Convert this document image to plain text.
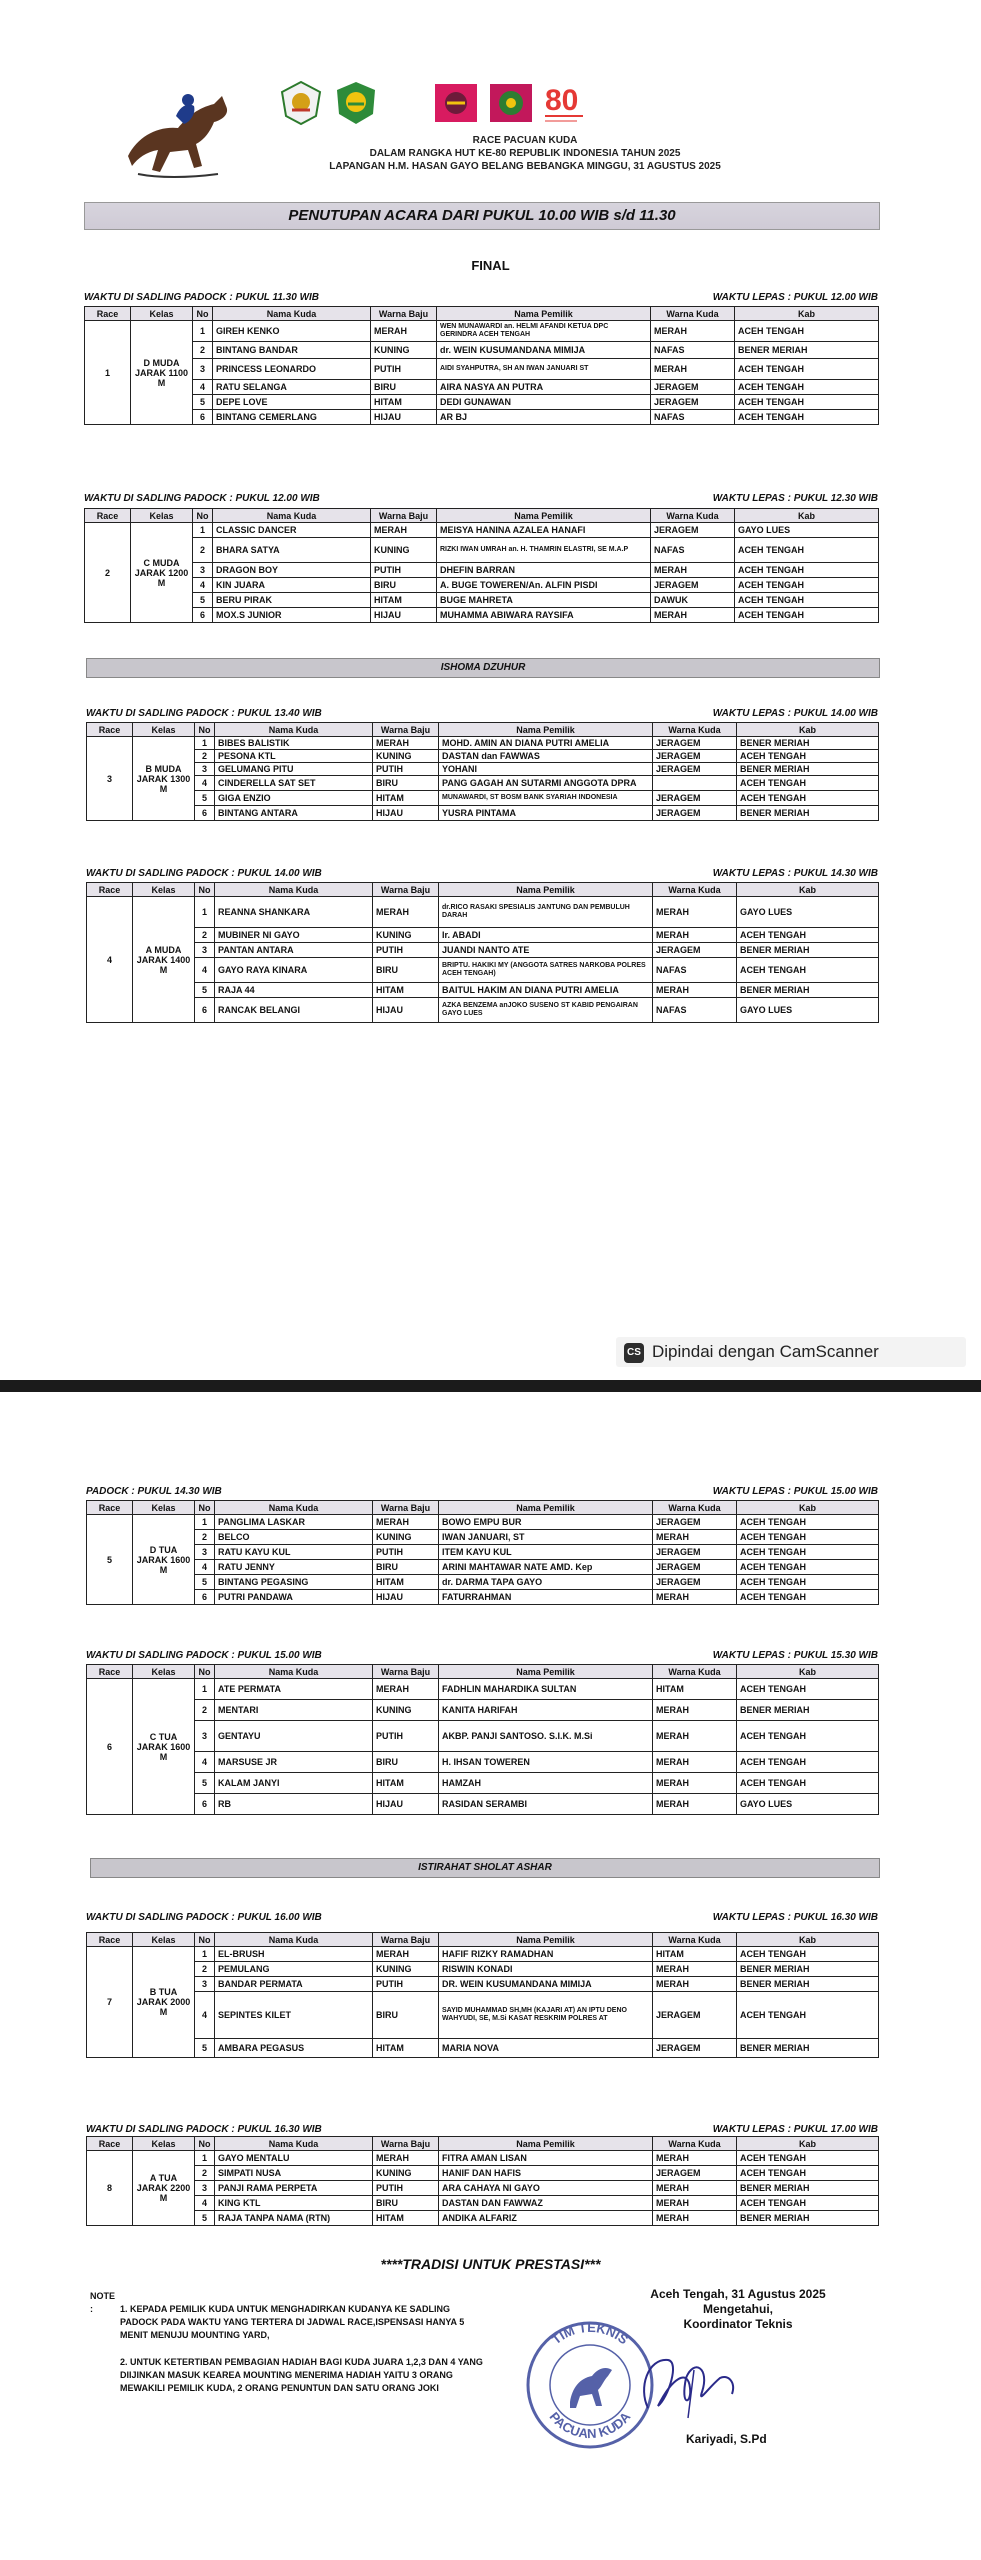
80
RACE PACUAN KUDA
DALAM RANGKA HUT KE-80 REPUBLIK INDONESIA TAHUN 2025
LAPANGAN H.M. HASAN GAYO BELANG BEBANGKA MINGGU, 31 AGUSTUS 2025
PENUTUPAN ACARA DARI PUKUL 10.00 WIB s/d 11.30
FINAL
WAKTU DI SADLING PADOCK : PUKUL 11.30 WIB	WAKTU LEPAS : PUKUL 12.00 WIB
Race	Kelas	No	Nama Kuda	Warna Baju	Nama Pemilik	Warna Kuda	Kab
1	D MUDA JARAK 1100 M	1	GIREH KENKO	MERAH	WEN MUNAWARDI an. HELMI AFANDI KETUA DPC GERINDRA ACEH TENGAH	MERAH	ACEH TENGAH
		2	BINTANG BANDAR	KUNING	dr. WEIN KUSUMANDANA MIMIJA	NAFAS	BENER MERIAH
		3	PRINCESS LEONARDO	PUTIH	AIDI SYAHPUTRA, SH AN IWAN JANUARI ST	MERAH	ACEH TENGAH
		4	RATU SELANGA	BIRU	AIRA NASYA AN PUTRA	JERAGEM	ACEH TENGAH
		5	DEPE LOVE	HITAM	DEDI GUNAWAN	JERAGEM	ACEH TENGAH
		6	BINTANG CEMERLANG	HIJAU	AR BJ	NAFAS	ACEH TENGAH
WAKTU DI SADLING PADOCK : PUKUL 12.00 WIB	WAKTU LEPAS : PUKUL 12.30 WIB
Race	Kelas	No	Nama Kuda	Warna Baju	Nama Pemilik	Warna Kuda	Kab
2	C MUDA JARAK 1200 M	1	CLASSIC DANCER	MERAH	MEISYA HANINA AZALEA HANAFI	JERAGEM	GAYO LUES
		2	BHARA SATYA	KUNING	RIZKI IWAN UMRAH an. H. THAMRIN ELASTRI, SE M.A.P	NAFAS	ACEH TENGAH
		3	DRAGON BOY	PUTIH	DHEFIN BARRAN	MERAH	ACEH TENGAH
		4	KIN JUARA	BIRU	A. BUGE TOWEREN/An. ALFIN PISDI	JERAGEM	ACEH TENGAH
		5	BERU PIRAK	HITAM	BUGE MAHRETA	DAWUK	ACEH TENGAH
		6	MOX.S JUNIOR	HIJAU	MUHAMMA ABIWARA RAYSIFA	MERAH	ACEH TENGAH
WAKTU DI SADLING PADOCK : PUKUL 13.40 WIB	WAKTU LEPAS : PUKUL 14.00 WIB
Race	Kelas	No	Nama Kuda	Warna Baju	Nama Pemilik	Warna Kuda	Kab
3	B MUDA JARAK 1300 M	1	BIBES BALISTIK	MERAH	MOHD. AMIN AN DIANA PUTRI AMELIA	JERAGEM	BENER MERIAH
		2	PESONA KTL	KUNING	DASTAN dan FAWWAS	JERAGEM	ACEH TENGAH
		3	GELUMANG PITU	PUTIH	YOHANI	JERAGEM	BENER MERIAH
		4	CINDERELLA SAT SET	BIRU	PANG GAGAH AN SUTARMI ANGGOTA DPRA		ACEH TENGAH
		5	GIGA ENZIO	HITAM	MUNAWARDI, ST BOSM BANK SYARIAH INDONESIA	JERAGEM	ACEH TENGAH
		6	BINTANG ANTARA	HIJAU	YUSRA PINTAMA	JERAGEM	BENER MERIAH
WAKTU DI SADLING PADOCK : PUKUL 14.00 WIB	WAKTU LEPAS : PUKUL 14.30 WIB
Race	Kelas	No	Nama Kuda	Warna Baju	Nama Pemilik	Warna Kuda	Kab
4	A MUDA JARAK 1400 M	1	REANNA SHANKARA	MERAH	dr.RICO RASAKI SPESIALIS JANTUNG DAN PEMBULUH DARAH	MERAH	GAYO LUES
		2	MUBINER NI GAYO	KUNING	Ir. ABADI	MERAH	ACEH TENGAH
		3	PANTAN ANTARA	PUTIH	JUANDI NANTO ATE	JERAGEM	BENER MERIAH
		4	GAYO RAYA KINARA	BIRU	BRIPTU. HAKIKI MY (ANGGOTA SATRES NARKOBA POLRES ACEH TENGAH)	NAFAS	ACEH TENGAH
		5	RAJA 44	HITAM	BAITUL HAKIM AN DIANA PUTRI AMELIA	MERAH	BENER MERIAH
		6	RANCAK BELANGI	HIJAU	AZKA BENZEMA anJOKO SUSENO ST KABID PENGAIRAN GAYO LUES	NAFAS	GAYO LUES
PADOCK : PUKUL 14.30 WIB	WAKTU LEPAS : PUKUL 15.00 WIB
Race	Kelas	No	Nama Kuda	Warna Baju	Nama Pemilik	Warna Kuda	Kab
5	D TUA JARAK 1600 M	1	PANGLIMA LASKAR	MERAH	BOWO EMPU BUR	JERAGEM	ACEH TENGAH
		2	BELCO	KUNING	IWAN JANUARI, ST	MERAH	ACEH TENGAH
		3	RATU KAYU KUL	PUTIH	ITEM KAYU KUL	JERAGEM	ACEH TENGAH
		4	RATU JENNY	BIRU	ARINI MAHTAWAR NATE AMD. Kep	JERAGEM	ACEH TENGAH
		5	BINTANG PEGASING	HITAM	dr. DARMA TAPA GAYO	JERAGEM	ACEH TENGAH
		6	PUTRI PANDAWA	HIJAU	FATURRAHMAN	MERAH	ACEH TENGAH
WAKTU DI SADLING PADOCK : PUKUL 15.00 WIB	WAKTU LEPAS : PUKUL 15.30 WIB
Race	Kelas	No	Nama Kuda	Warna Baju	Nama Pemilik	Warna Kuda	Kab
6	C TUA JARAK 1600 M	1	ATE PERMATA	MERAH	FADHLIN MAHARDIKA SULTAN	HITAM	ACEH TENGAH
		2	MENTARI	KUNING	KANITA HARIFAH	MERAH	BENER MERIAH
		3	GENTAYU	PUTIH	AKBP. PANJI SANTOSO. S.I.K. M.Si	MERAH	ACEH TENGAH
		4	MARSUSE JR	BIRU	H. IHSAN TOWEREN	MERAH	ACEH TENGAH
		5	KALAM JANYI	HITAM	HAMZAH	MERAH	ACEH TENGAH
		6	RB	HIJAU	RASIDAN SERAMBI	MERAH	GAYO LUES
WAKTU DI SADLING PADOCK : PUKUL 16.00 WIB	WAKTU LEPAS : PUKUL 16.30 WIB
Race	Kelas	No	Nama Kuda	Warna Baju	Nama Pemilik	Warna Kuda	Kab
7	B TUA JARAK 2000 M	1	EL-BRUSH	MERAH	HAFIF RIZKY RAMADHAN	HITAM	ACEH TENGAH
		2	PEMULANG	KUNING	RISWIN KONADI	MERAH	BENER MERIAH
		3	BANDAR PERMATA	PUTIH	DR. WEIN KUSUMANDANA MIMIJA	MERAH	BENER MERIAH
		4	SEPINTES KILET	BIRU	SAYID MUHAMMAD SH,MH (KAJARI AT) AN IPTU DENO WAHYUDI, SE, M.Si KASAT RESKRIM POLRES AT	JERAGEM	ACEH TENGAH
		5	AMBARA PEGASUS	HITAM	MARIA NOVA	JERAGEM	BENER MERIAH
WAKTU DI SADLING PADOCK : PUKUL 16.30 WIB	WAKTU LEPAS : PUKUL 17.00 WIB
Race	Kelas	No	Nama Kuda	Warna Baju	Nama Pemilik	Warna Kuda	Kab
8	A TUA JARAK 2200 M	1	GAYO MENTALU	MERAH	FITRA AMAN LISAN	MERAH	ACEH TENGAH
		2	SIMPATI NUSA	KUNING	HANIF DAN HAFIS	JERAGEM	ACEH TENGAH
		3	PANJI RAMA PERPETA	PUTIH	ARA CAHAYA NI GAYO	MERAH	BENER MERIAH
		4	KING KTL	BIRU	DASTAN DAN FAWWAZ	MERAH	ACEH TENGAH
		5	RAJA TANPA NAMA (RTN)	HITAM	ANDIKA ALFARIZ	MERAH	BENER MERIAH
ISHOMA DZUHUR
ISTIRAHAT SHOLAT ASHAR
CS Dipindai dengan CamScanner
****TRADISI UNTUK PRESTASI***

NOTE :	1. KEPADA PEMILIK KUDA UNTUK MENGHADIRKAN KUDANYA KE SADLING PADOCK PADA WAKTU YANG TERTERA DI JADWAL RACE,ISPENSASI HANYA 5 MENIT MENUJU MOUNTING YARD,

2. UNTUK KETERTIBAN PEMBAGIAN HADIAH BAGI KUDA JUARA 1,2,3 DAN 4 YANG DIIJINKAN MASUK KEAREA MOUNTING MENERIMA HADIAH YAITU 3 ORANG MEWAKILI PEMILIK KUDA, 2 ORANG PENUNTUN DAN SATU ORANG JOKI

Aceh Tengah, 31 Agustus 2025
Mengetahui,
Koordinator Teknis
TIM TEKNIS
PACUAN KUDA
Kariyadi, S.Pd
